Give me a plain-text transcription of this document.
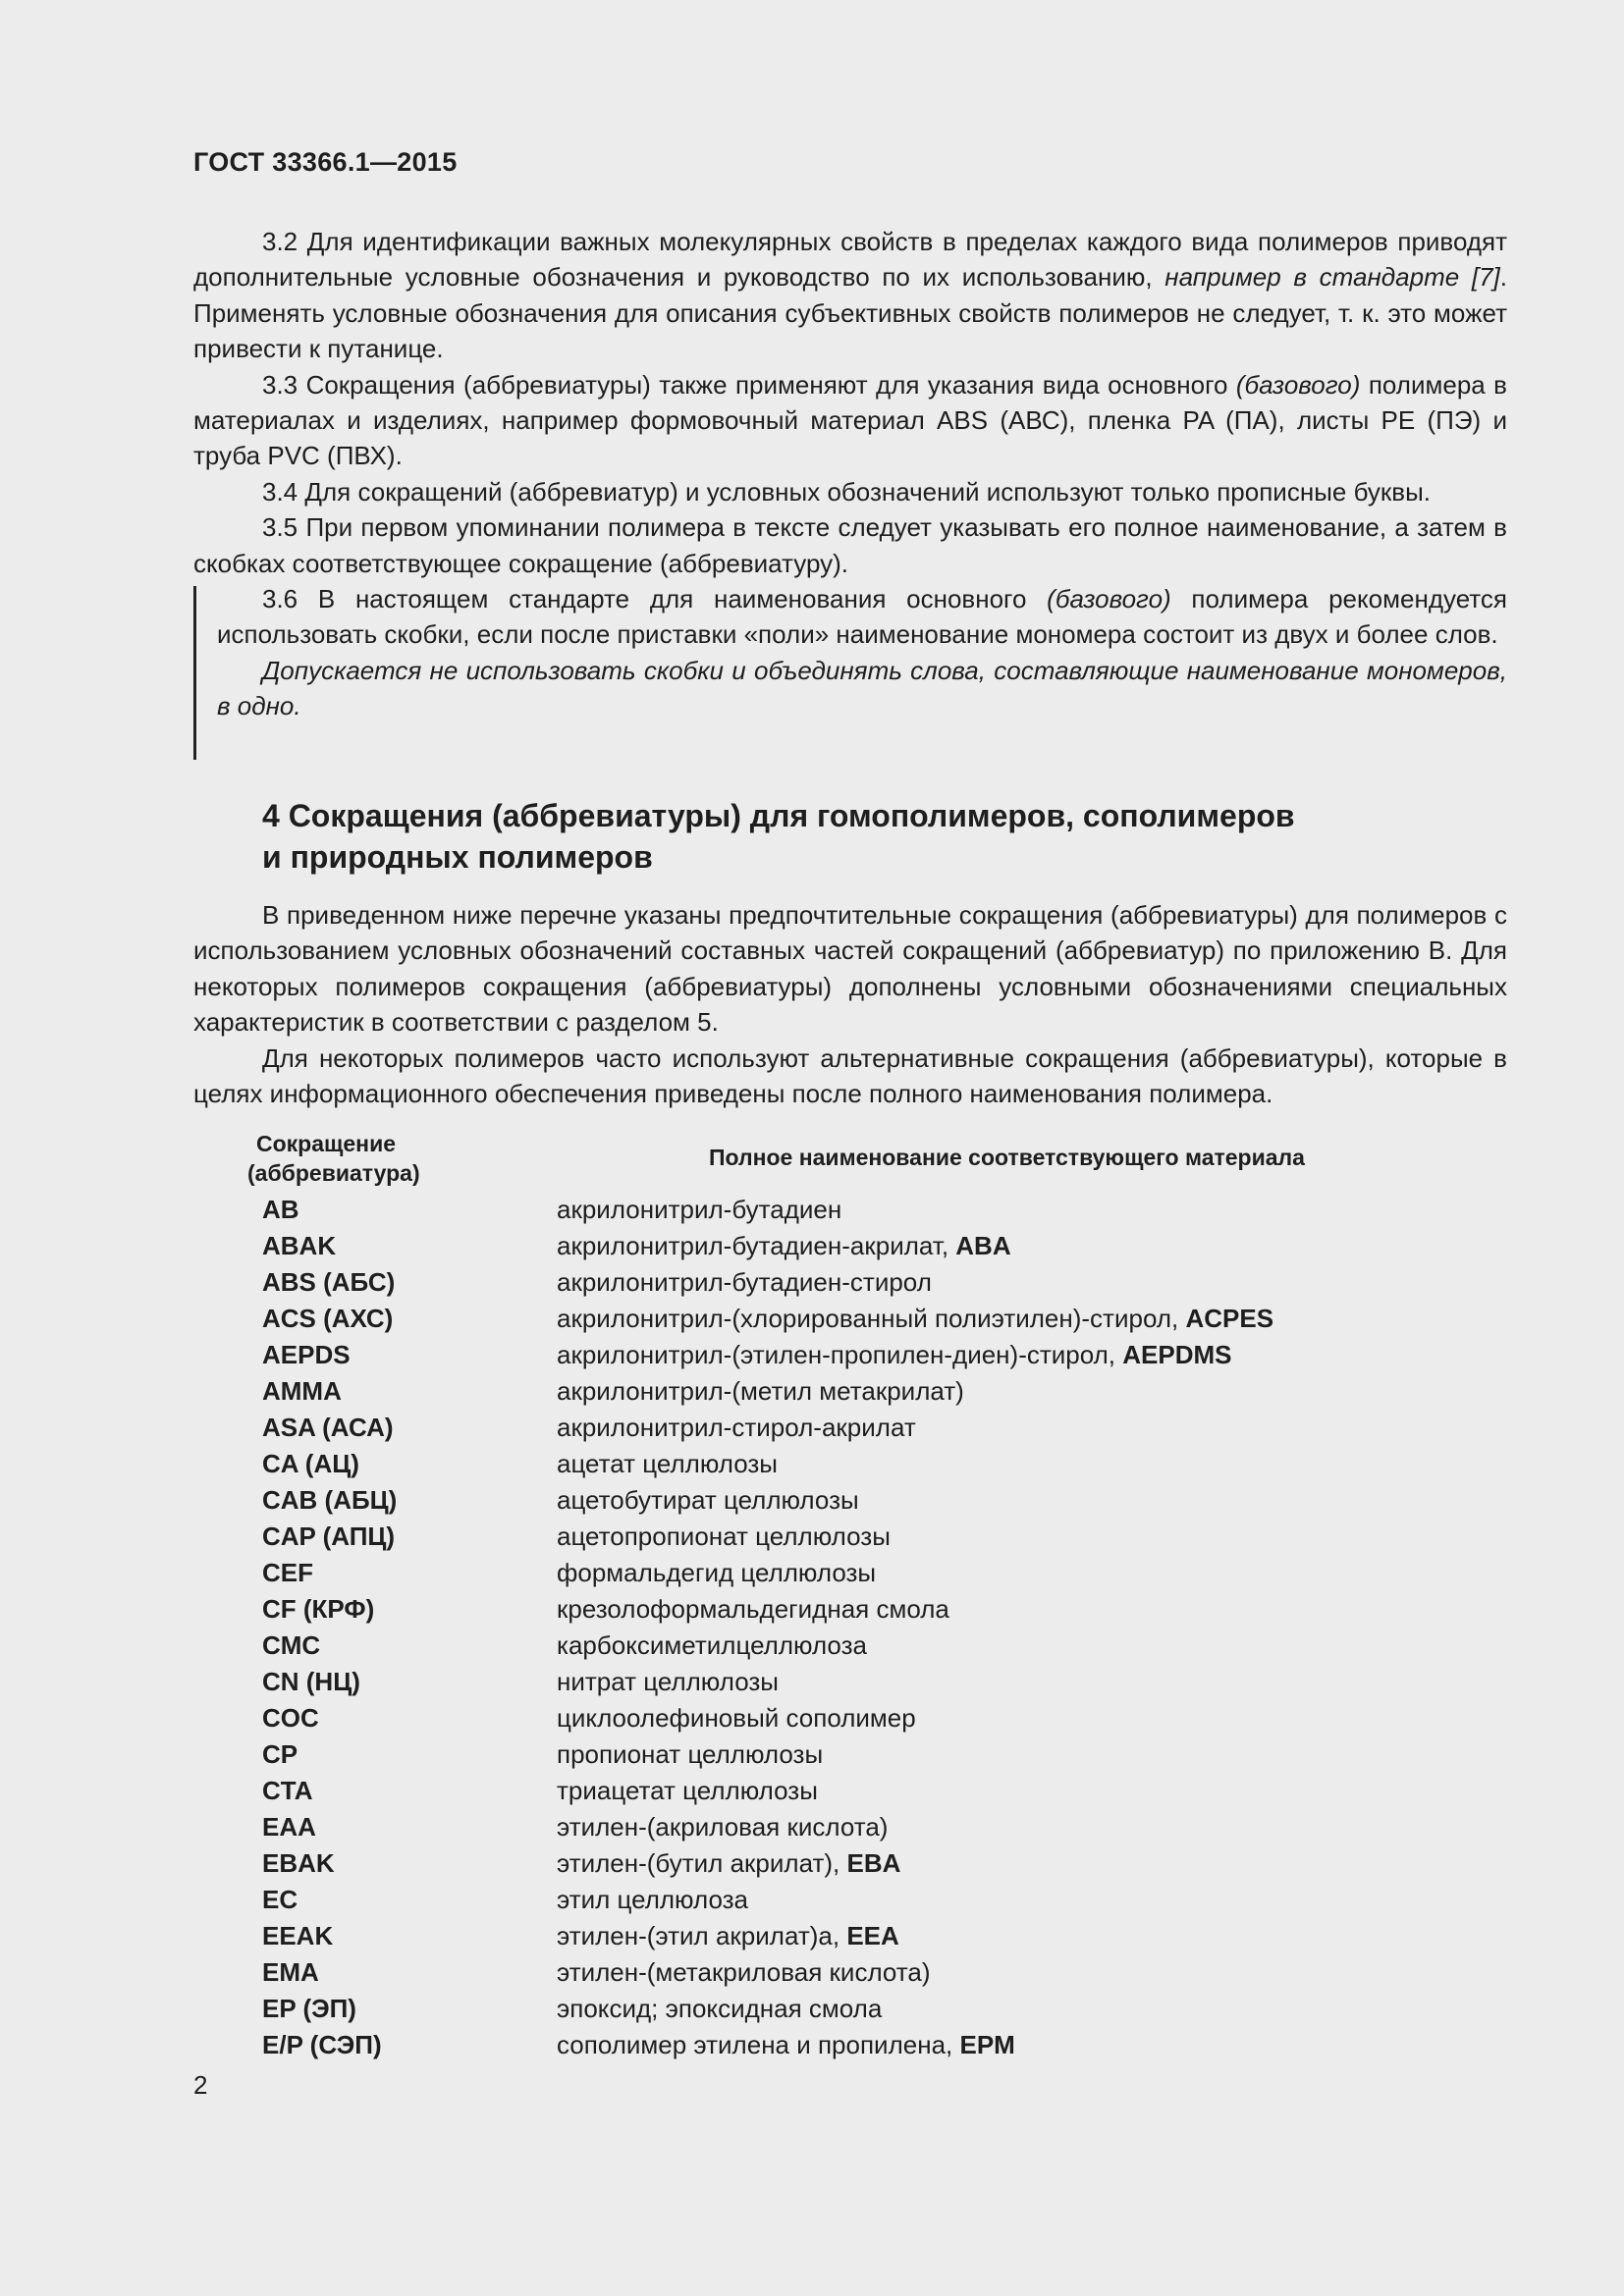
ГОСТ 33366.1—2015

3.2 Для идентификации важных молекулярных свойств в пределах каждого вида полимеров приводят дополнительные условные обозначения и руководство по их использованию, например в стандарте [7]. Применять условные обозначения для описания субъективных свойств полимеров не следует, т. к. это может привести к путанице.

3.3 Сокращения (аббревиатуры) также применяют для указания вида основного (базового) полимера в материалах и изделиях, например формовочный материал ABS (АВС), пленка PA (ПА), листы PE (ПЭ) и труба PVC (ПВХ).

3.4 Для сокращений (аббревиатур) и условных обозначений используют только прописные буквы.

3.5 При первом упоминании полимера в тексте следует указывать его полное наименование, а затем в скобках соответствующее сокращение (аббревиатуру).

3.6 В настоящем стандарте для наименования основного (базового) полимера рекомендуется использовать скобки, если после приставки «поли» наименование мономера состоит из двух и более слов.

Допускается не использовать скобки и объединять слова, составляющие наименование мономеров, в одно.

4 Сокращения (аббревиатуры) для гомополимеров, сополимеров
и природных полимеров

В приведенном ниже перечне указаны предпочтительные сокращения (аббревиатуры) для полимеров с использованием условных обозначений составных частей сокращений (аббревиатур) по приложению B. Для некоторых полимеров сокращения (аббревиатуры) дополнены условными обозначениями специальных характеристик в соответствии с разделом 5.

Для некоторых полимеров часто используют альтернативные сокращения (аббревиатуры), которые в целях информационного обеспечения приведены после полного наименования полимера.

Сокращение
(аббревиатура)
Полное наименование соответствующего материала
AB	акрилонитрил-бутадиен
ABAK	акрилонитрил-бутадиен-акрилат, ABA
ABS (АБС)	акрилонитрил-бутадиен-стирол
ACS (АХС)	акрилонитрил-(хлорированный полиэтилен)-стирол, ACPES
AEPDS	акрилонитрил-(этилен-пропилен-диен)-стирол, AEPDMS
AMMA	акрилонитрил-(метил метакрилат)
ASA (АСА)	акрилонитрил-стирол-акрилат
CA (АЦ)	ацетат целлюлозы
CAB (АБЦ)	ацетобутират целлюлозы
CAP (АПЦ)	ацетопропионат целлюлозы
CEF	формальдегид целлюлозы
CF (КРФ)	крезолоформальдегидная смола
CMC	карбоксиметилцеллюлоза
CN (НЦ)	нитрат целлюлозы
COC	циклоолефиновый сополимер
CP	пропионат целлюлозы
CTA	триацетат целлюлозы
EAA	этилен-(акриловая кислота)
EBAK	этилен-(бутил акрилат), EBA
EC	этил целлюлоза
EEAK	этилен-(этил акрилат)а, EEA
EMA	этилен-(метакриловая кислота)
EP (ЭП)	эпоксид; эпоксидная смола
E/P (СЭП)	сополимер этилена и пропилена, EPM
2
